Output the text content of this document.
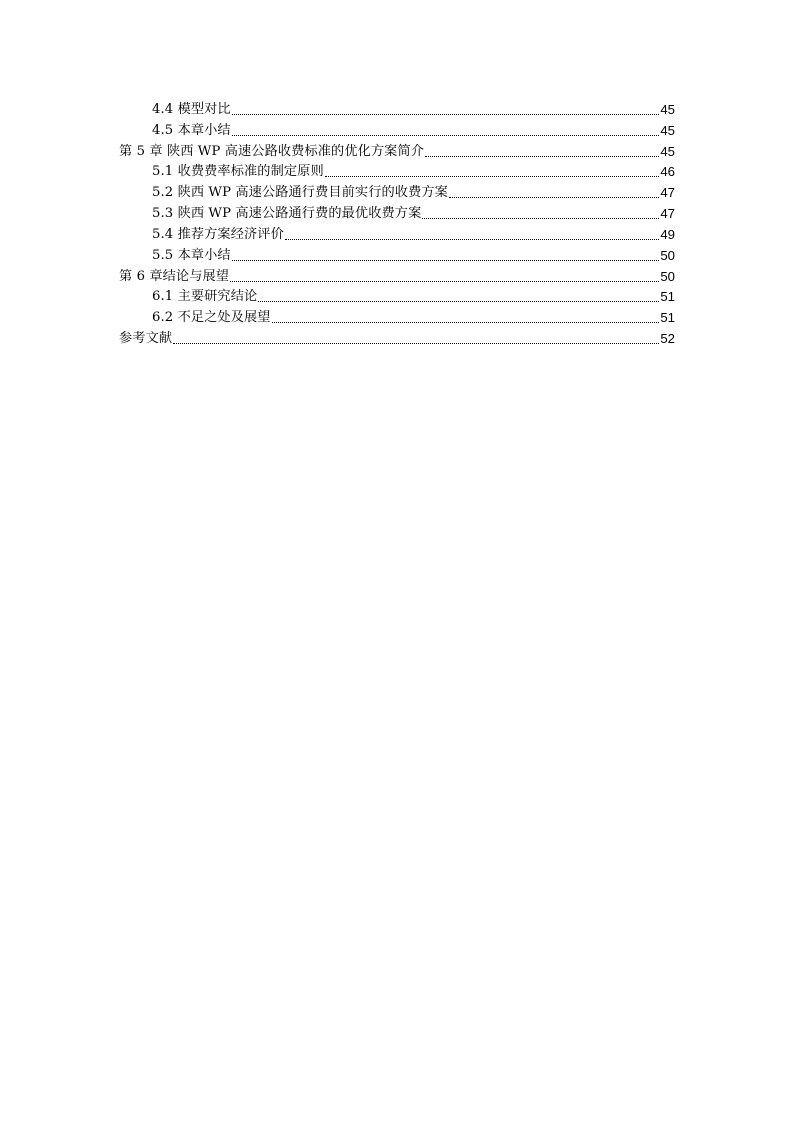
4.4 模型对比	45
4.5 本章小结	45
第 5 章 陕西 WP 高速公路收费标准的优化方案简介	45
5.1 收费费率标准的制定原则	46
5.2 陕西 WP 高速公路通行费目前实行的收费方案	47
5.3 陕西 WP 高速公路通行费的最优收费方案	47
5.4 推荐方案经济评价	49
5.5 本章小结	50
第 6 章结论与展望	50
6.1 主要研究结论	51
6.2 不足之处及展望	51
参考文献	52
